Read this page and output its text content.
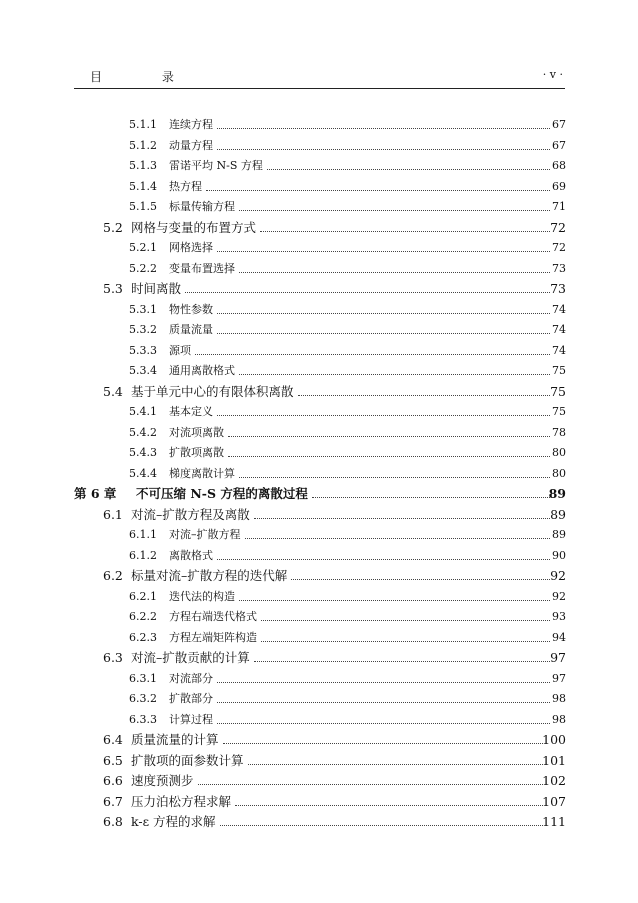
目 录	· v ·
5.1.1 连续方程	67
5.1.2 动量方程	67
5.1.3 雷诺平均 N-S 方程	68
5.1.4 热方程	69
5.1.5 标量传输方程	71
5.2 网格与变量的布置方式	72
5.2.1 网格选择	72
5.2.2 变量布置选择	73
5.3 时间离散	73
5.3.1 物性参数	74
5.3.2 质量流量	74
5.3.3 源项	74
5.3.4 通用离散格式	75
5.4 基于单元中心的有限体积离散	75
5.4.1 基本定义	75
5.4.2 对流项离散	78
5.4.3 扩散项离散	80
5.4.4 梯度离散计算	80
第 6 章 不可压缩 N-S 方程的离散过程	89
6.1 对流–扩散方程及离散	89
6.1.1 对流–扩散方程	89
6.1.2 离散格式	90
6.2 标量对流–扩散方程的迭代解	92
6.2.1 迭代法的构造	92
6.2.2 方程右端迭代格式	93
6.2.3 方程左端矩阵构造	94
6.3 对流–扩散贡献的计算	97
6.3.1 对流部分	97
6.3.2 扩散部分	98
6.3.3 计算过程	98
6.4 质量流量的计算	100
6.5 扩散项的面参数计算	101
6.6 速度预测步	102
6.7 压力泊松方程求解	107
6.8 k-ε 方程的求解	111
